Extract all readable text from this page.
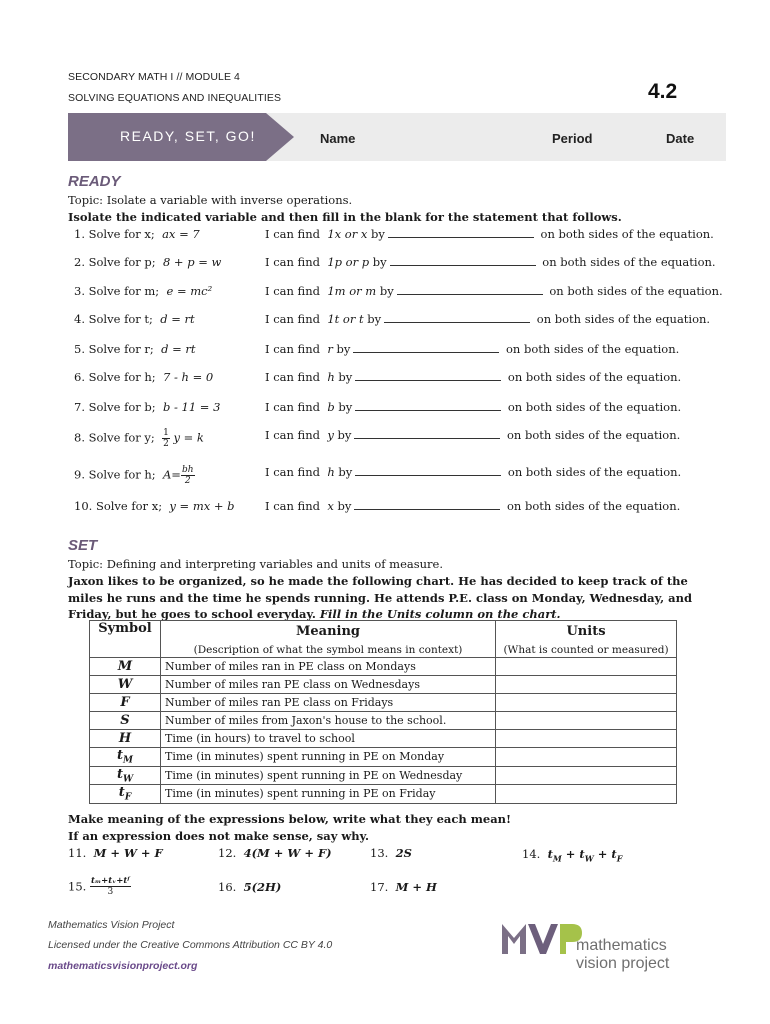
SECONDARY MATH I // MODULE 4
SOLVING EQUATIONS AND INEQUALITIES	4.2
READY, SET, GO!	Name	Period	Date
READY
Topic: Isolate a variable with inverse operations.
Isolate the indicated variable and then fill in the blank for the statement that follows.
1. Solve for x; ax = 7	I can find 1x or x by	on both sides of the equation.
2. Solve for p; 8 + p = w	I can find 1p or p by	on both sides of the equation.
3. Solve for m; e = mc²	I can find 1m or m by	on both sides of the equation.
4. Solve for t; d = rt	I can find 1t or t by	on both sides of the equation.
5. Solve for r; d = rt	I can find r by	on both sides of the equation.
6. Solve for h; 7 - h = 0	I can find h by	on both sides of the equation.
7. Solve for b; b - 11 = 3	I can find b by	on both sides of the equation.
8. Solve for y; $\frac{1}{2}$ y = k	I can find y by	on both sides of the equation.
9. Solve for h; $A= \frac{bh}{2}$	I can find h by	on both sides of the equation.
10. Solve for x; y = mx + b	I can find x by	on both sides of the equation.
SET
Topic: Defining and interpreting variables and units of measure.
Jaxon likes to be organized, so he made the following chart. He has decided to keep track of the
miles he runs and the time he spends running. He attends P.E. class on Monday, Wednesday, and
Friday, but he goes to school everyday. Fill in the Units column on the chart.
Symbol	Meaning	Units
	(Description of what the symbol means in context)	(What is counted or measured)
M	Number of miles ran in PE class on Mondays	
W	Number of miles ran PE class on Wednesdays	
F	Number of miles ran PE class on Fridays	
S	Number of miles from Jaxon's house to the school.	
H	Time (in hours) to travel to school	
$t_M$	Time (in minutes) spent running in PE on Monday	
$t_W$	Time (in minutes) spent running in PE on Wednesday	
$t_F$	Time (in minutes) spent running in PE on Friday	
Make meaning of the expressions below, write what they each mean!
If an expression does not make sense, say why.
11. M + W + F	12. 4(M + W + F)	13. 2S	14. $t_M + t_W + t_F$
15. $\frac{\text{tₘ+tᵥ+tᶠ}}{3}$	16. 5(2H)	17. M + H
Mathematics Vision Project
Licensed under the Creative Commons Attribution CC BY 4.0
mathematicsvisionproject.org
mathematics
vision project
